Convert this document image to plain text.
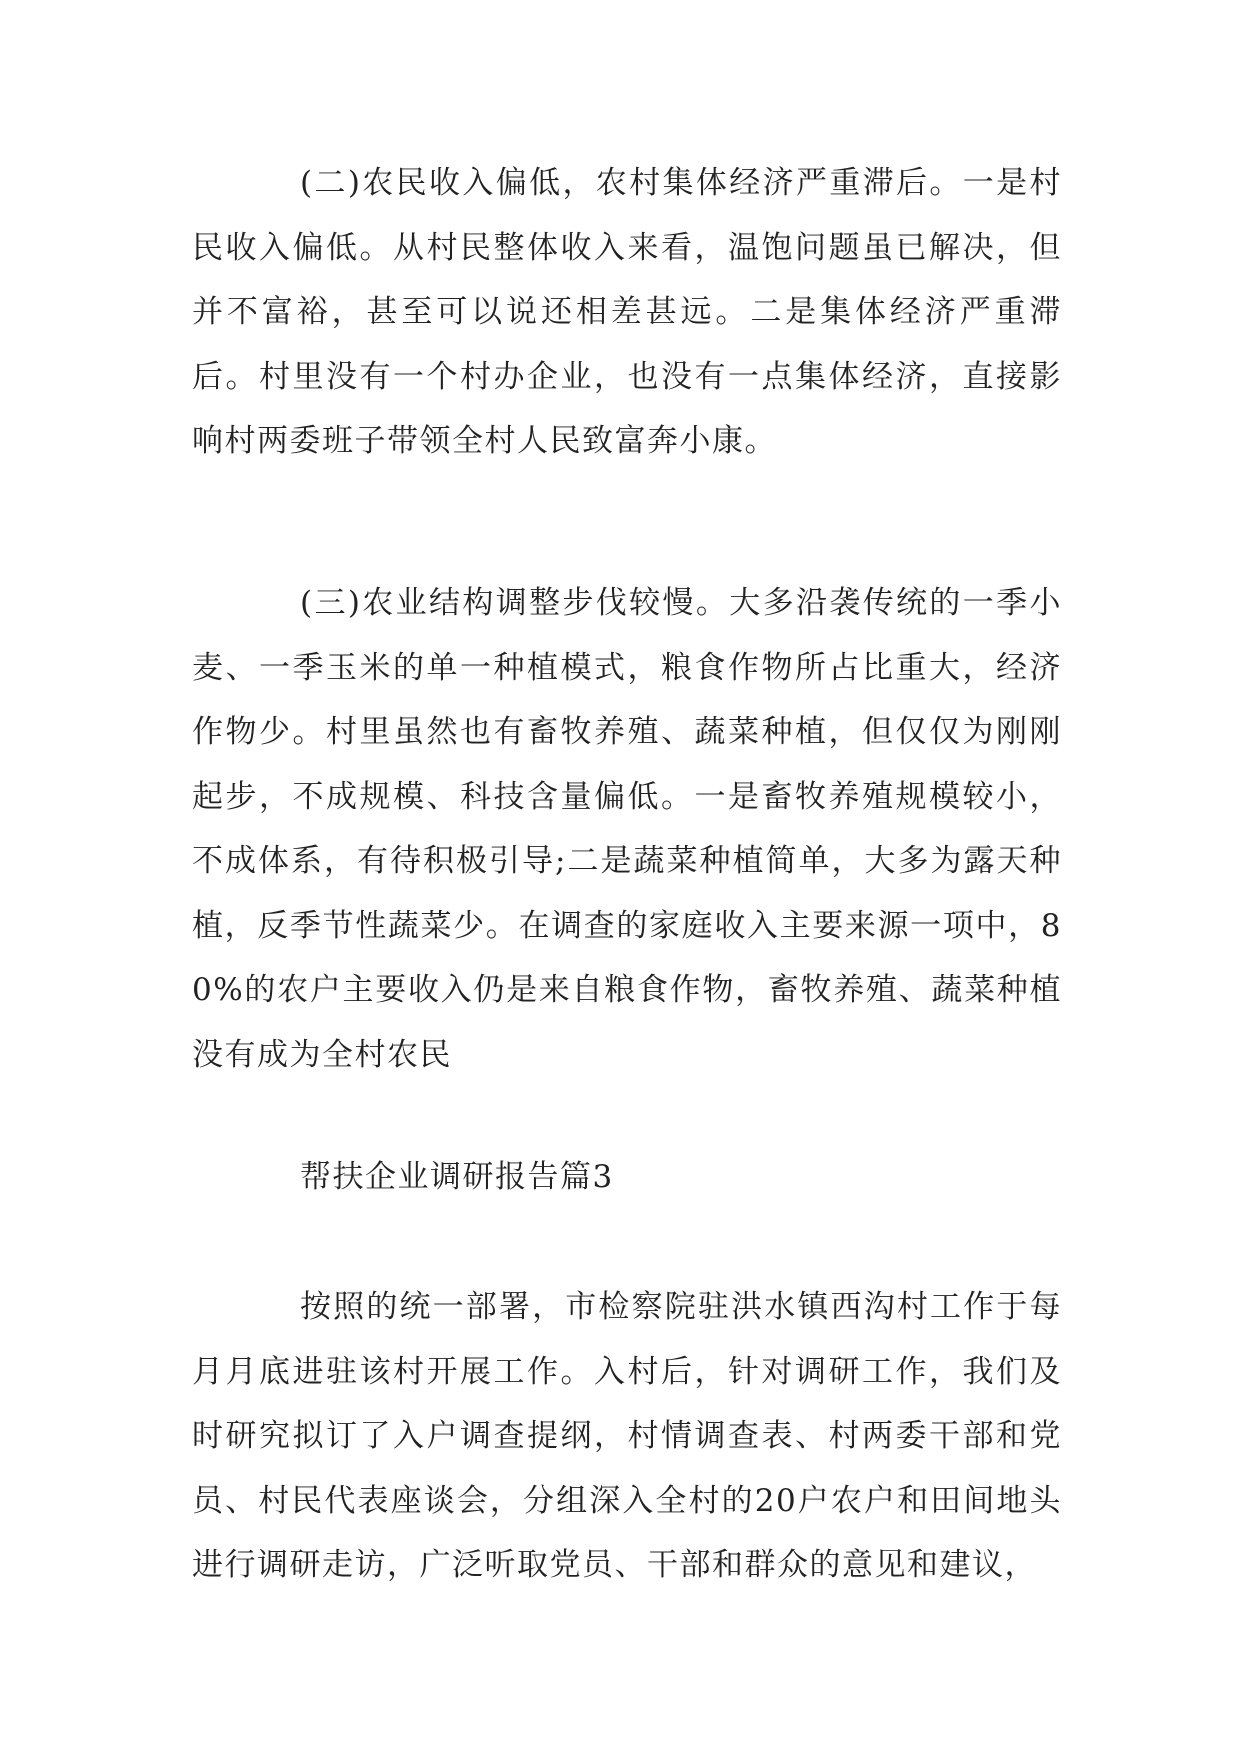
(二)农民收入偏低，农村集体经济严重滞后。一是村民收入偏低。从村民整体收入来看，温饱问题虽已解决，但并不富裕，甚至可以说还相差甚远。二是集体经济严重滞后。村里没有一个村办企业，也没有一点集体经济，直接影响村两委班子带领全村人民致富奔小康。

(三)农业结构调整步伐较慢。大多沿袭传统的一季小麦、一季玉米的单一种植模式，粮食作物所占比重大，经济作物少。村里虽然也有畜牧养殖、蔬菜种植，但仅仅为刚刚起步，不成规模、科技含量偏低。一是畜牧养殖规模较小，不成体系，有待积极引导;二是蔬菜种植简单，大多为露天种植，反季节性蔬菜少。在调查的家庭收入主要来源一项中，80%的农户主要收入仍是来自粮食作物，畜牧养殖、蔬菜种植没有成为全村农民

帮扶企业调研报告篇3

按照的统一部署，市检察院驻洪水镇西沟村工作于每月月底进驻该村开展工作。入村后，针对调研工作，我们及时研究拟订了入户调查提纲，村情调查表、村两委干部和党员、村民代表座谈会，分组深入全村的20户农户和田间地头进行调研走访，广泛听取党员、干部和群众的意见和建议，
